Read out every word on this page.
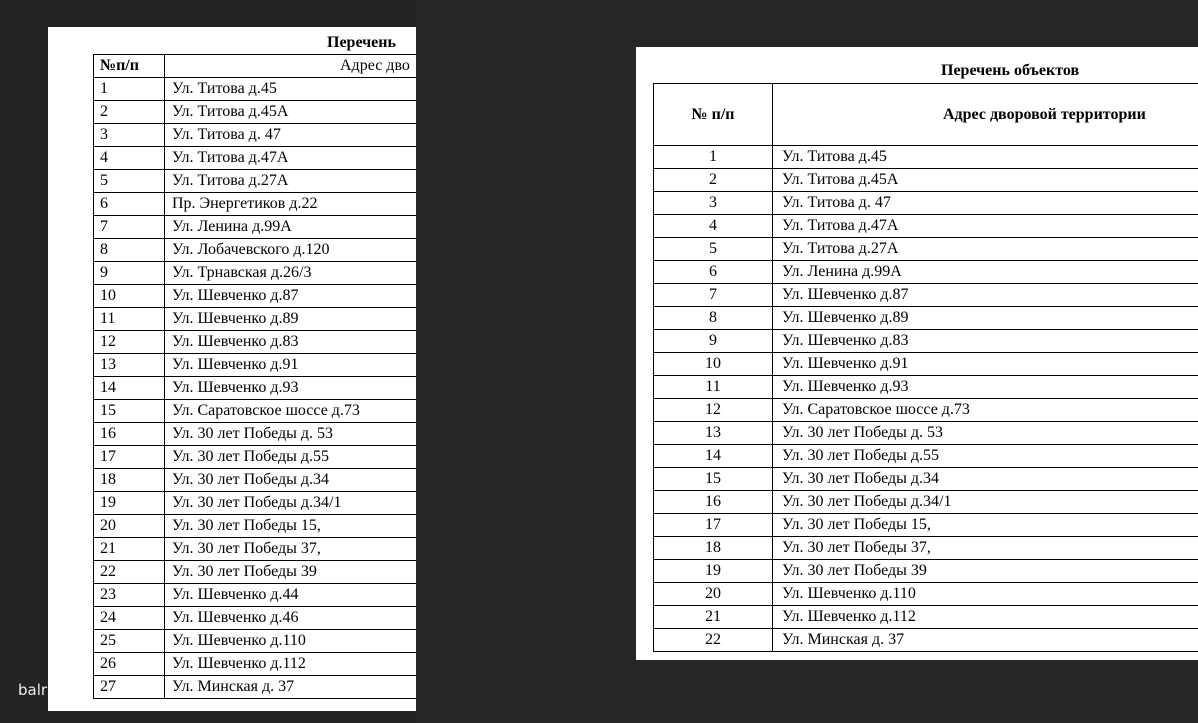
Перечень
№п/п	Адрес дво
1	Ул. Титова д.45
2	Ул. Титова д.45А
3	Ул. Титова д. 47
4	Ул. Титова д.47А
5	Ул. Титова д.27А
6	Пр. Энергетиков д.22
7	Ул. Ленина д.99А
8	Ул. Лобачевского д.120
9	Ул. Трнавская д.26/3
10	Ул. Шевченко д.87
11	Ул. Шевченко д.89
12	Ул. Шевченко д.83
13	Ул. Шевченко д.91
14	Ул. Шевченко д.93
15	Ул. Саратовское шоссе д.73
16	Ул. 30 лет Победы д. 53
17	Ул. 30 лет Победы д.55
18	Ул. 30 лет Победы д.34
19	Ул. 30 лет Победы д.34/1
20	Ул. 30 лет Победы 15,
21	Ул. 30 лет Победы 37,
22	Ул. 30 лет Победы 39
23	Ул. Шевченко д.44
24	Ул. Шевченко д.46
25	Ул. Шевченко д.110
26	Ул. Шевченко д.112
27	Ул. Минская д. 37
balr
Перечень объектов
№ п/п	Адрес дворовой территории
1	Ул. Титова д.45
2	Ул. Титова д.45А
3	Ул. Титова д. 47
4	Ул. Титова д.47А
5	Ул. Титова д.27А
6	Ул. Ленина д.99А
7	Ул. Шевченко д.87
8	Ул. Шевченко д.89
9	Ул. Шевченко д.83
10	Ул. Шевченко д.91
11	Ул. Шевченко д.93
12	Ул. Саратовское шоссе д.73
13	Ул. 30 лет Победы д. 53
14	Ул. 30 лет Победы д.55
15	Ул. 30 лет Победы д.34
16	Ул. 30 лет Победы д.34/1
17	Ул. 30 лет Победы 15,
18	Ул. 30 лет Победы 37,
19	Ул. 30 лет Победы 39
20	Ул. Шевченко д.110
21	Ул. Шевченко д.112
22	Ул. Минская д. 37
